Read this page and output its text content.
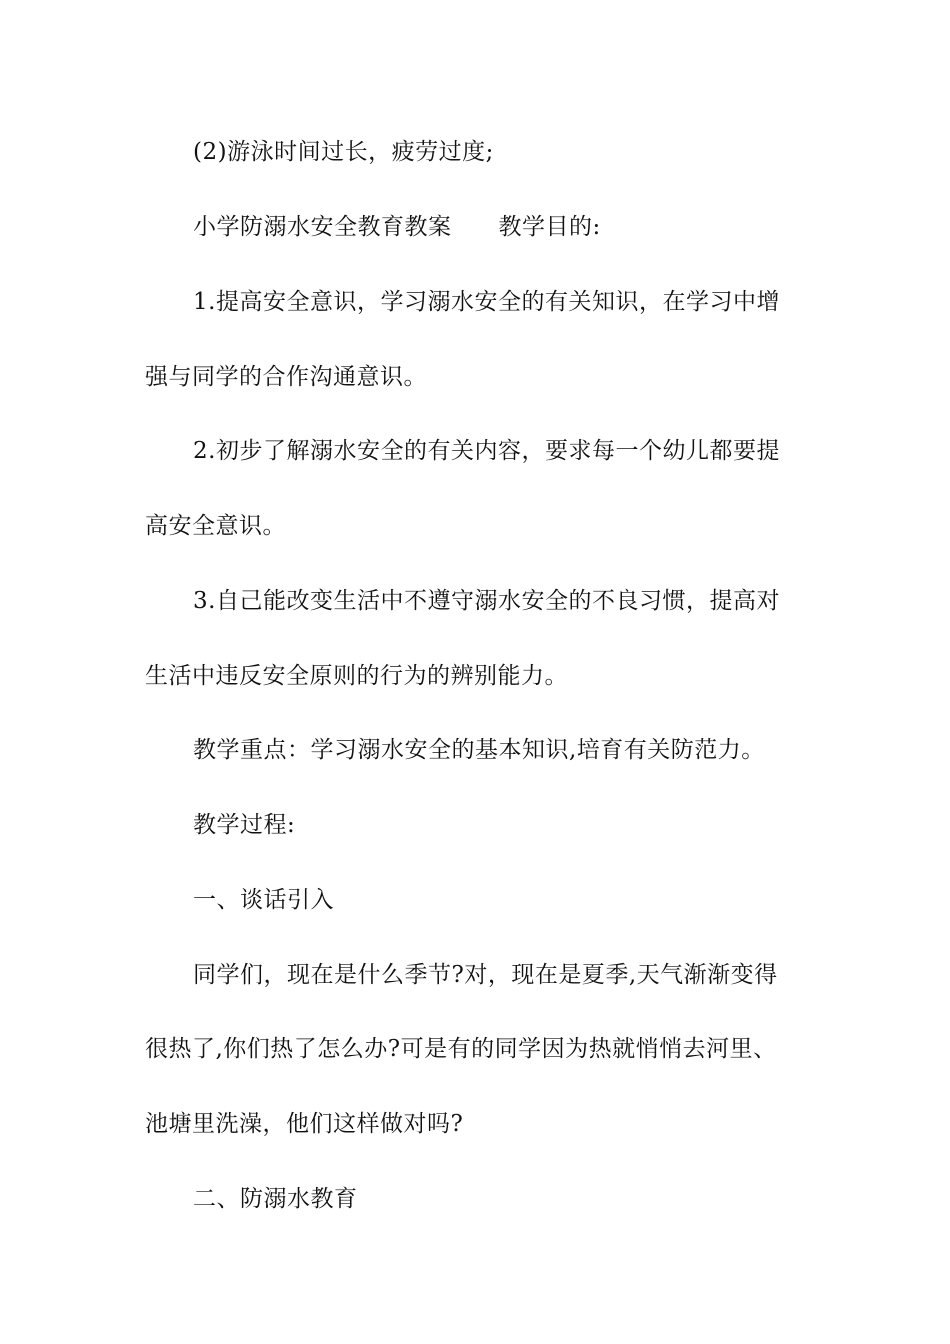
(2)游泳时间过长，疲劳过度;
小学防溺水安全教育教案　　教学目的:
1.提高安全意识，学习溺水安全的有关知识，在学习中增
强与同学的合作沟通意识。
2.初步了解溺水安全的有关内容，要求每一个幼儿都要提
高安全意识。
3.自己能改变生活中不遵守溺水安全的不良习惯，提高对
生活中违反安全原则的行为的辨别能力。
教学重点：学习溺水安全的基本知识,培育有关防范力。
教学过程:
一、谈话引入
同学们，现在是什么季节?对，现在是夏季,天气渐渐变得
很热了,你们热了怎么办?可是有的同学因为热就悄悄去河里、
池塘里洗澡，他们这样做对吗?
二、防溺水教育
